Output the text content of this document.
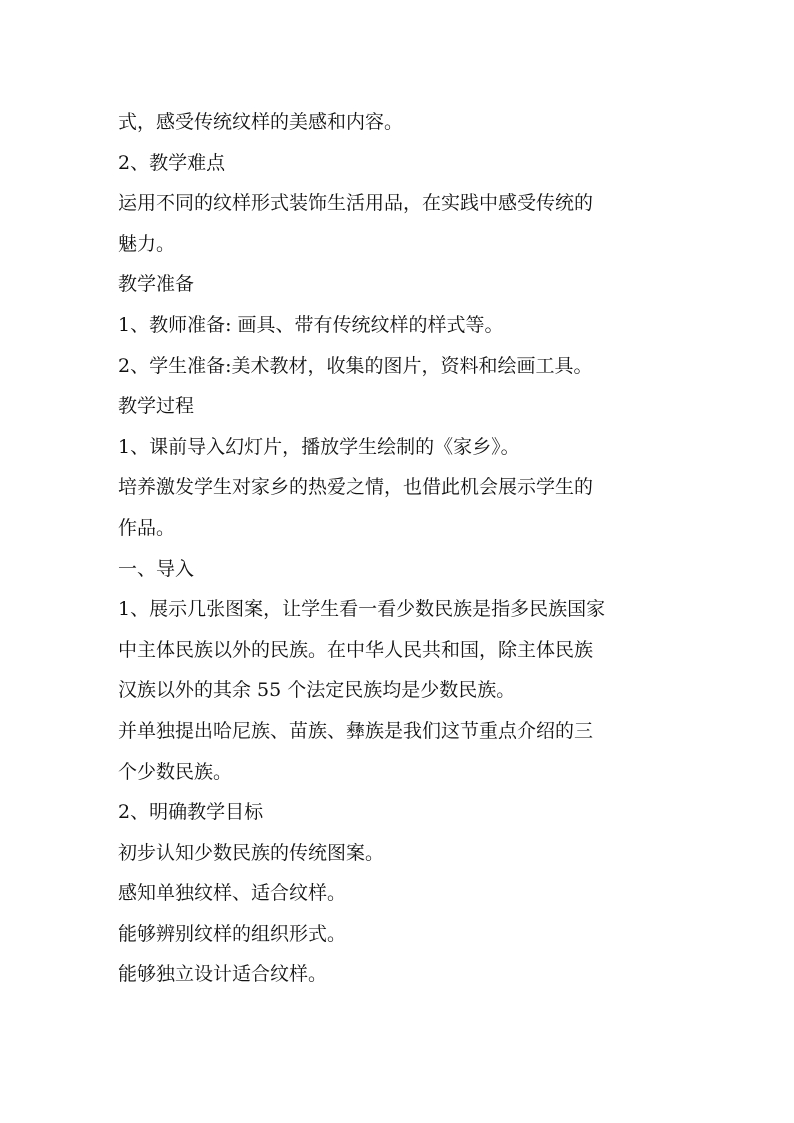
式，感受传统纹样的美感和内容。

2、教学难点

运用不同的纹样形式装饰生活用品，在实践中感受传统的

魅力。

教学准备

1、教师准备: 画具、带有传统纹样的样式等。

2、学生准备:美术教材，收集的图片，资料和绘画工具。

教学过程

1、课前导入幻灯片，播放学生绘制的《家乡》。

培养激发学生对家乡的热爱之情，也借此机会展示学生的

作品。

一、导入

1、展示几张图案，让学生看一看少数民族是指多民族国家

中主体民族以外的民族。在中华人民共和国，除主体民族

汉族以外的其余 55 个法定民族均是少数民族。

并单独提出哈尼族、苗族、彝族是我们这节重点介绍的三

个少数民族。

2、明确教学目标

初步认知少数民族的传统图案。

感知单独纹样、适合纹样。

能够辨别纹样的组织形式。

能够独立设计适合纹样。
